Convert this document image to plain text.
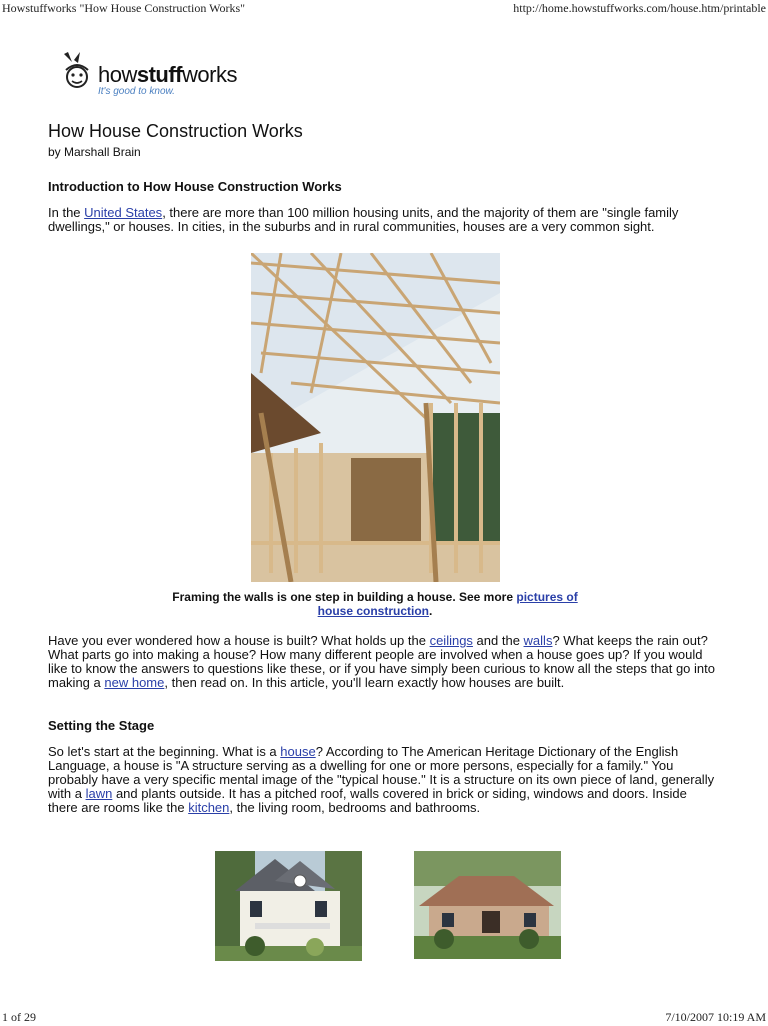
Howstuffworks "How House Construction Works"	http://home.howstuffworks.com/house.htm/printable
howstuffworks
It's good to know.
How House Construction Works
by Marshall Brain
Introduction to How House Construction Works

In the United States, there are more than 100 million housing units, and the majority of them are "single family dwellings," or houses. In cities, in the suburbs and in rural communities, houses are a very common sight.

Framing the walls is one step in building a house. See more pictures of house construction.

Have you ever wondered how a house is built? What holds up the ceilings and the walls? What keeps the rain out? What parts go into making a house? How many different people are involved when a house goes up? If you would like to know the answers to questions like these, or if you have simply been curious to know all the steps that go into making a new home, then read on. In this article, you'll learn exactly how houses are built.

Setting the Stage

So let's start at the beginning. What is a house? According to The American Heritage Dictionary of the English Language, a house is "A structure serving as a dwelling for one or more persons, especially for a family." You probably have a very specific mental image of the "typical house." It is a structure on its own piece of land, generally with a lawn and plants outside. It has a pitched roof, walls covered in brick or siding, windows and doors. Inside there are rooms like the kitchen, the living room, bedrooms and bathrooms.

1 of 29	7/10/2007 10:19 AM
